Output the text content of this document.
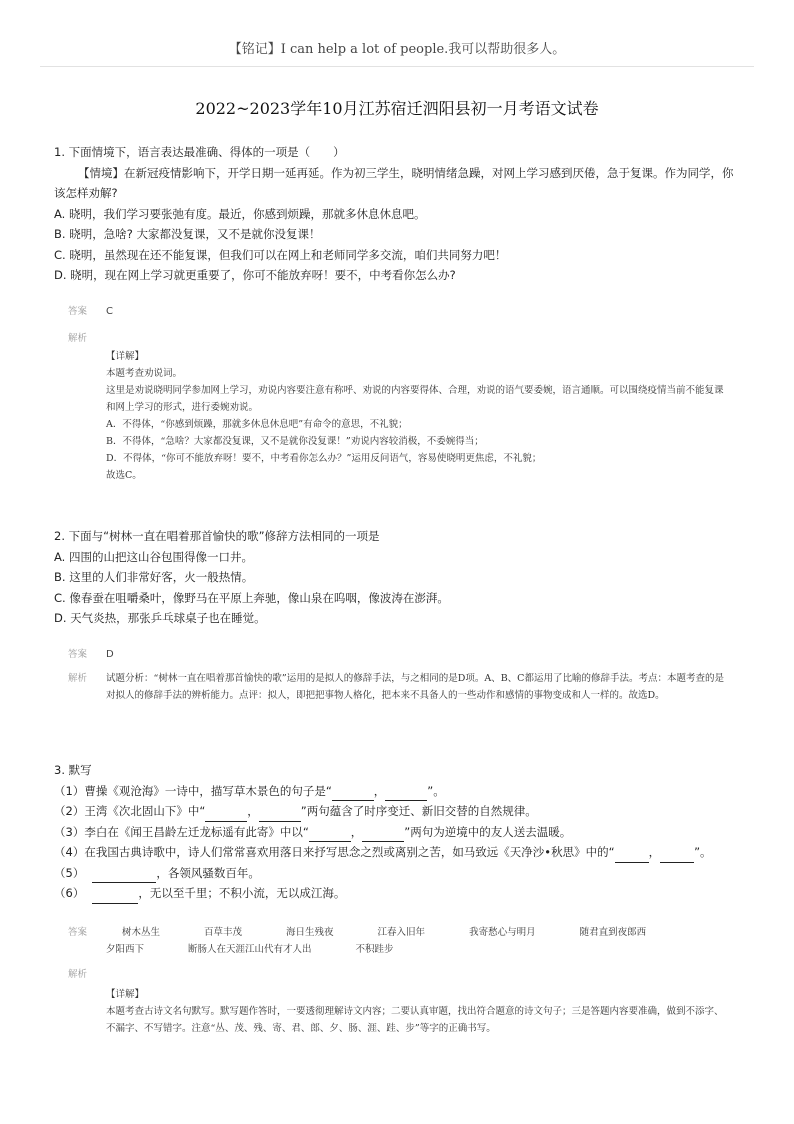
【铭记】I can help a lot of people.我可以帮助很多人。
2022~2023学年10月江苏宿迁泗阳县初一月考语文试卷

1. 下面情境下，语言表达最准确、得体的一项是（　　）

【情境】在新冠疫情影响下，开学日期一延再延。作为初三学生，晓明情绪急躁，对网上学习感到厌倦，急于复课。作为同学，你该怎样劝解?

A. 晓明，我们学习要张弛有度。最近，你感到烦躁，那就多休息休息吧。

B. 晓明，急啥? 大家都没复课，又不是就你没复课！

C. 晓明，虽然现在还不能复课，但我们可以在网上和老师同学多交流，咱们共同努力吧！

D. 晓明，现在网上学习就更重要了，你可不能放弃呀！要不，中考看你怎么办?

答案 C
解析

【详解】

本题考查劝说词。

这里是劝说晓明同学参加网上学习，劝说内容要注意有称呼、劝说的内容要得体、合理，劝说的语气要委婉，语言通顺。可以围绕疫情当前不能复课和网上学习的形式，进行委婉劝说。

A．不得体，“你感到烦躁，那就多休息休息吧”有命令的意思，不礼貌；

B．不得体，“急啥？大家都没复课，又不是就你没复课！”劝说内容较消极，不委婉得当；

D．不得体，“你可不能放弃呀！要不，中考看你怎么办？”运用反问语气，容易使晓明更焦虑，不礼貌；

故选C。

2. 下面与“树林一直在唱着那首愉快的歌”修辞方法相同的一项是

A. 四围的山把这山谷包围得像一口井。

B. 这里的人们非常好客，火一般热情。

C. 像春蚕在咀嚼桑叶，像野马在平原上奔驰，像山泉在呜咽，像波涛在澎湃。

D. 天气炎热，那张乒乓球桌子也在睡觉。

答案 D
解析 试题分析：“树林一直在唱着那首愉快的歌”运用的是拟人的修辞手法，与之相同的是D项。A、B、C都运用了比喻的修辞手法。考点：本题考查的是对拟人的修辞手法的辨析能力。点评：拟人，即把把事物人格化，把本来不具备人的一些动作和感情的事物变成和人一样的。故选D。

3. 默写

（1）曹操《观沧海》一诗中，描写草木景色的句子是“	，	”。

（2）王湾《次北固山下》中“	，	”两句蕴含了时序变迁、新旧交替的自然规律。

（3）李白在《闻王昌龄左迁龙标遥有此寄》中以“	，	”两句为逆境中的友人送去温暖。

（4）在我国古典诗歌中，诗人们常常喜欢用落日来抒写思念之烈或离别之苦，如马致远《天净沙•秋思》中的“	，	”。

（5）	，各领风骚数百年。

（6）	，无以至千里；不积小流，无以成江海。

答案	树木丛生	百草丰茂	海日生残夜	江春入旧年	我寄愁心与明月	随君直到夜郎西
夕阳西下	断肠人在天涯 江山代有才人出	不积跬步
解析

【详解】

本题考查古诗文名句默写。默写题作答时，一要透彻理解诗文内容；二要认真审题，找出符合题意的诗文句子；三是答题内容要准确，做到不添字、不漏字、不写错字。注意“丛、茂、残、寄、君、郎、夕、肠、涯、跬、步”等字的正确书写。
